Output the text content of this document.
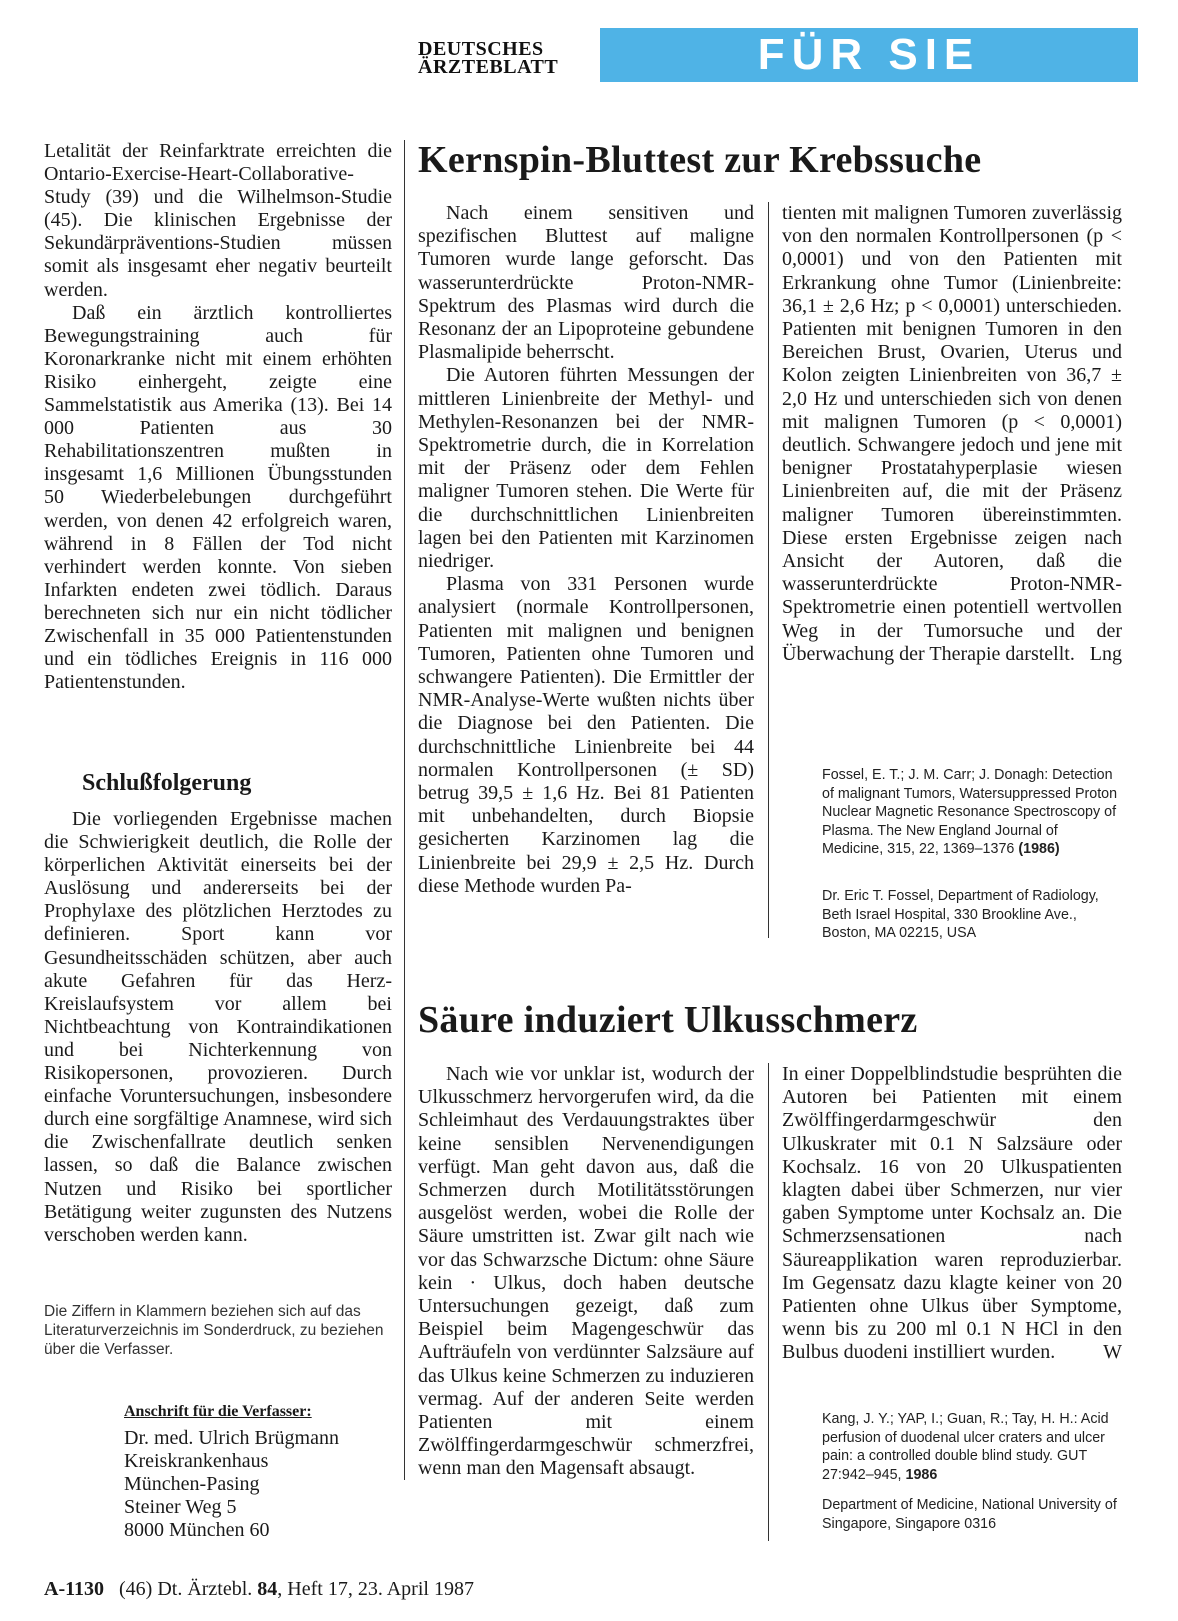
DEUTSCHES
ÄRZTEBLATT	FÜR SIE REFERIERT

Letalität der Reinfarktrate erreichten die Ontario-Exercise-Heart-Collaborative-Study (39) und die Wilhelmson-Studie (45). Die klinischen Ergebnisse der Sekundärpräventions-Studien müssen somit als insgesamt eher negativ beurteilt werden.

Daß ein ärztlich kontrolliertes Bewegungstraining auch für Koronarkranke nicht mit einem erhöhten Risiko einhergeht, zeigte eine Sammelstatistik aus Amerika (13). Bei 14 000 Patienten aus 30 Rehabilitationszentren mußten in insgesamt 1,6 Millionen Übungsstunden 50 Wiederbelebungen durchgeführt werden, von denen 42 erfolgreich waren, während in 8 Fällen der Tod nicht verhindert werden konnte. Von sieben Infarkten endeten zwei tödlich. Daraus berechneten sich nur ein nicht tödlicher Zwischenfall in 35 000 Patientenstunden und ein tödliches Ereignis in 116 000 Patientenstunden.

Schlußfolgerung

Die vorliegenden Ergebnisse machen die Schwierigkeit deutlich, die Rolle der körperlichen Aktivität einerseits bei der Auslösung und andererseits bei der Prophylaxe des plötzlichen Herztodes zu definieren. Sport kann vor Gesundheitsschäden schützen, aber auch akute Gefahren für das Herz-Kreislaufsystem vor allem bei Nichtbeachtung von Kontraindikationen und bei Nichterkennung von Risikopersonen, provozieren. Durch einfache Voruntersuchungen, insbesondere durch eine sorgfältige Anamnese, wird sich die Zwischenfallrate deutlich senken lassen, so daß die Balance zwischen Nutzen und Risiko bei sportlicher Betätigung weiter zugunsten des Nutzens verschoben werden kann.

Die Ziffern in Klammern beziehen sich auf das Literaturverzeichnis im Sonderdruck, zu beziehen über die Verfasser.
Anschrift für die Verfasser:
Dr. med. Ulrich Brügmann
Kreiskrankenhaus
München-Pasing
Steiner Weg 5
8000 München 60
Kernspin-Bluttest zur Krebssuche

Nach einem sensitiven und spezifischen Bluttest auf maligne Tumoren wurde lange geforscht. Das wasserunterdrückte Proton-NMR-Spektrum des Plasmas wird durch die Resonanz der an Lipoproteine gebundene Plasmalipide beherrscht.

Die Autoren führten Messungen der mittleren Linienbreite der Methyl- und Methylen-Resonanzen bei der NMR-Spektrometrie durch, die in Korrelation mit der Präsenz oder dem Fehlen maligner Tumoren stehen. Die Werte für die durchschnittlichen Linienbreiten lagen bei den Patienten mit Karzinomen niedriger.

Plasma von 331 Personen wurde analysiert (normale Kontrollpersonen, Patienten mit malignen und benignen Tumoren, Patienten ohne Tumoren und schwangere Patienten). Die Ermittler der NMR-Analyse-Werte wußten nichts über die Diagnose bei den Patienten. Die durchschnittliche Linienbreite bei 44 normalen Kontrollpersonen (± SD) betrug 39,5 ± 1,6 Hz. Bei 81 Patienten mit unbehandelten, durch Biopsie gesicherten Karzinomen lag die Linienbreite bei 29,9 ± 2,5 Hz. Durch diese Methode wurden Pa-

tienten mit malignen Tumoren zuverlässig von den normalen Kontrollpersonen (p < 0,0001) und von den Patienten mit Erkrankung ohne Tumor (Linienbreite: 36,1 ± 2,6 Hz; p < 0,0001) unterschieden. Patienten mit benignen Tumoren in den Bereichen Brust, Ovarien, Uterus und Kolon zeigten Linienbreiten von 36,7 ± 2,0 Hz und unterschieden sich von denen mit malignen Tumoren (p < 0,0001) deutlich. Schwangere jedoch und jene mit benigner Prostatahyperplasie wiesen Linienbreiten auf, die mit der Präsenz maligner Tumoren übereinstimmten. Diese ersten Ergebnisse zeigen nach Ansicht der Autoren, daß die wasserunterdrückte Proton-NMR-Spektrometrie einen potentiell wertvollen Weg in der Tumorsuche und der Überwachung der Therapie darstellt. Lng

Fossel, E. T.; J. M. Carr; J. Donagh: Detection of malignant Tumors, Watersuppressed Proton Nuclear Magnetic Resonance Spectroscopy of Plasma. The New England Journal of Medicine, 315, 22, 1369–1376 (1986)
Dr. Eric T. Fossel, Department of Radiology, Beth Israel Hospital, 330 Brookline Ave., Boston, MA 02215, USA
Säure induziert Ulkusschmerz

Nach wie vor unklar ist, wodurch der Ulkusschmerz hervorgerufen wird, da die Schleimhaut des Verdauungstraktes über keine sensiblen Nervenendigungen verfügt. Man geht davon aus, daß die Schmerzen durch Motilitätsstörungen ausgelöst werden, wobei die Rolle der Säure umstritten ist. Zwar gilt nach wie vor das Schwarzsche Dictum: ohne Säure kein · Ulkus, doch haben deutsche Untersuchungen gezeigt, daß zum Beispiel beim Magengeschwür das Aufträufeln von verdünnter Salzsäure auf das Ulkus keine Schmerzen zu induzieren vermag. Auf der anderen Seite werden Patienten mit einem Zwölffingerdarmgeschwür schmerzfrei, wenn man den Magensaft absaugt.

In einer Doppelblindstudie besprühten die Autoren bei Patienten mit einem Zwölffingerdarmgeschwür den Ulkuskrater mit 0.1 N Salzsäure oder Kochsalz. 16 von 20 Ulkuspatienten klagten dabei über Schmerzen, nur vier gaben Symptome unter Kochsalz an. Die Schmerzsensationen nach Säureapplikation waren reproduzierbar. Im Gegensatz dazu klagte keiner von 20 Patienten ohne Ulkus über Symptome, wenn bis zu 200 ml 0.1 N HCl in den Bulbus duodeni instilliert wurden. W

Kang, J. Y.; YAP, I.; Guan, R.; Tay, H. H.: Acid perfusion of duodenal ulcer craters and ulcer pain: a controlled double blind study. GUT 27:942–945, 1986
Department of Medicine, National University of Singapore, Singapore 0316
A-1130 (46) Dt. Ärztebl. 84, Heft 17, 23. April 1987
